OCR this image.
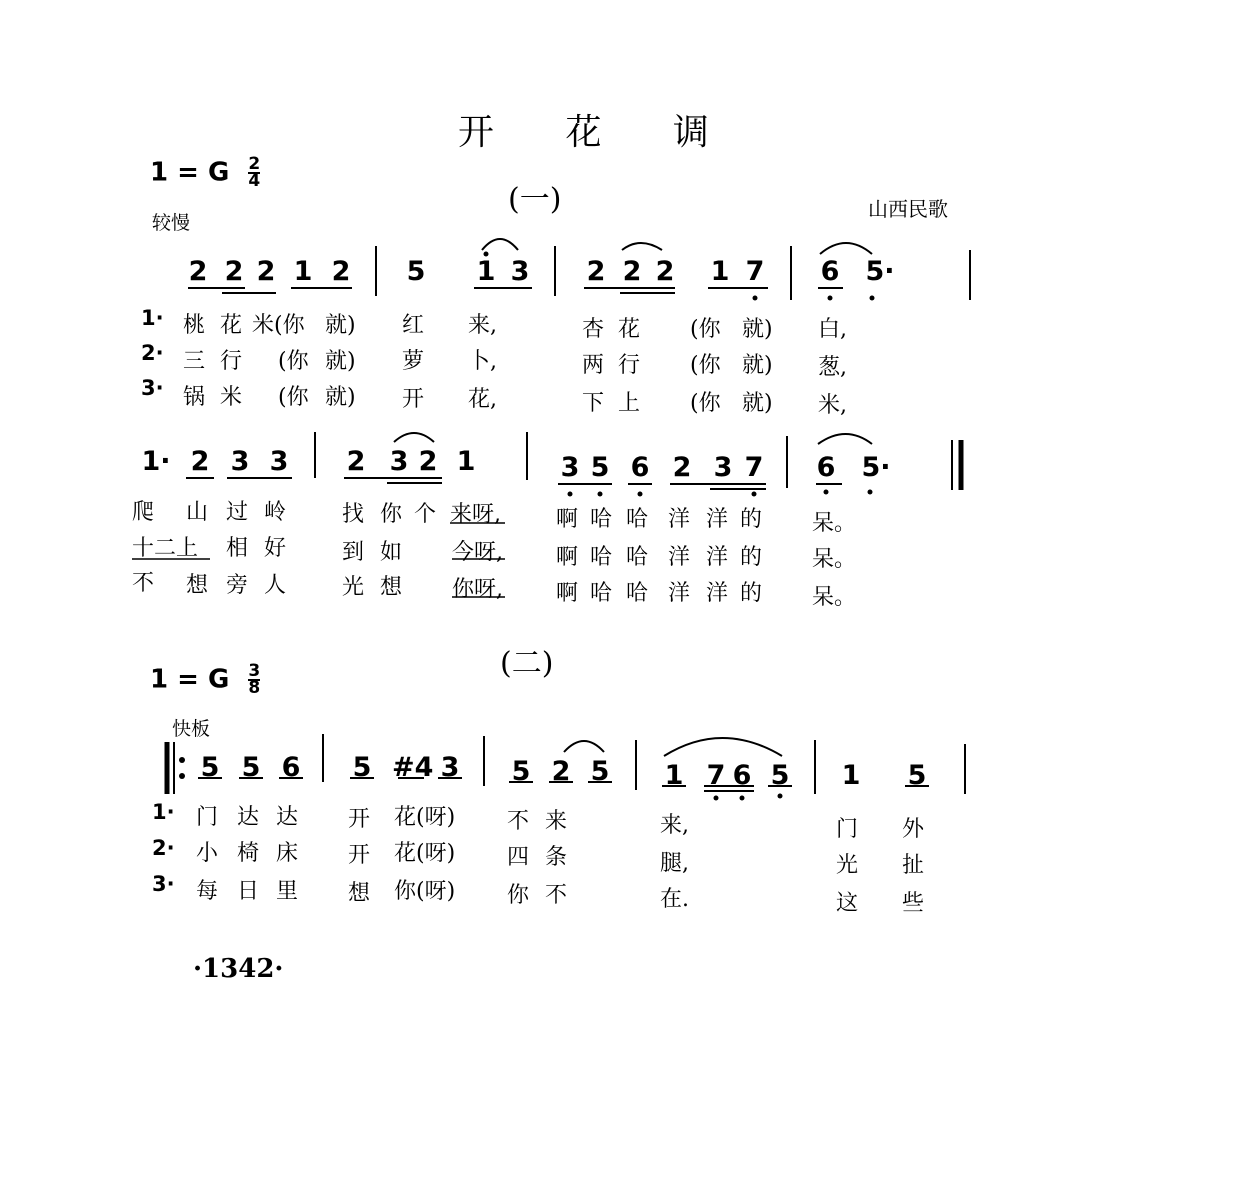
开 花 调
1 = G $\frac{2}{4}$
(一)	山西民歌
较慢
2 2 2 1 2 5 1 3 2 2 2 1 7 6 5·
1· 桃 花 米(你 就) 红 来,	杏 花 (你 就) 白,
2· 三 行 (你 就) 萝 卜,	两 行 (你 就) 葱,
3· 锅 米 (你 就) 开 花,	下 上 (你 就) 米,
1· 2 3 3 2 3 2 1	3 5 6 2 3 7 6 5·
爬 山 过 岭	找 你 个 来呀,	啊 哈 哈 洋 洋 的 呆。
十二上 相 好	到 如 今呀, 啊 哈 哈 洋 洋 的 呆。
不 想 旁 人	光 想 你呀, 啊 哈 哈 洋 洋 的 呆。
(二)
1 = G $\frac{3}{8}$
快板
5 5 6 5 #4 3 5 2 5 1 7 6 5 1 5
1· 门 达 达 开 花(呀) 不 来	来,	门 外
2· 小 椅 床 开 花(呀) 四 条	腿,	光 扯
3· 每 日 里 想 你(呀) 你 不	在.	这 些
·1342·
